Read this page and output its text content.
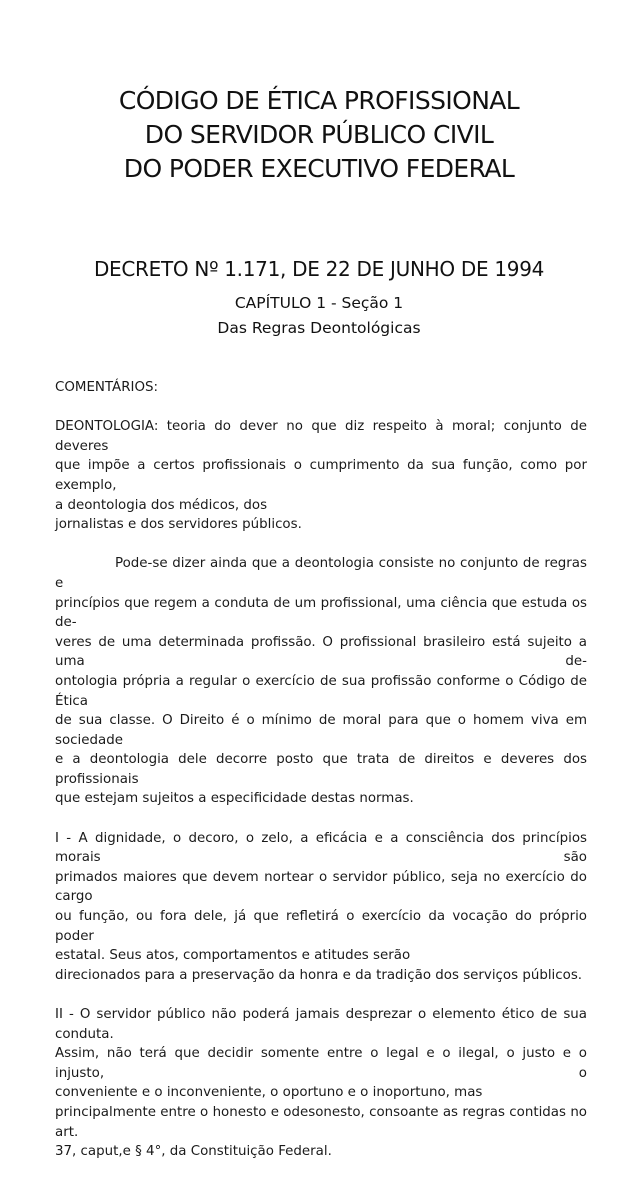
CÓDIGO DE ÉTICA PROFISSIONAL
DO SERVIDOR PÚBLICO CIVIL
DO PODER EXECUTIVO FEDERAL
DECRETO Nº 1.171, DE 22 DE JUNHO DE 1994
CAPÍTULO 1 - Seção 1
Das Regras Deontológicas
COMENTÁRIOS:
DEONTOLOGIA: teoria do dever no que diz respeito à moral; conjunto de deveres
que impõe a certos profissionais o cumprimento da sua função, como por exemplo,
a deontologia dos médicos, dos
jornalistas e dos servidores públicos.
Pode-se dizer ainda que a deontologia consiste no conjunto de regras e
princípios que regem a conduta de um profissional, uma ciência que estuda os de-
veres de uma determinada profissão. O profissional brasileiro está sujeito a uma de-
ontologia própria a regular o exercício de sua profissão conforme o Código de Ética
de sua classe. O Direito é o mínimo de moral para que o homem viva em sociedade
e a deontologia dele decorre posto que trata de direitos e deveres dos profissionais
que estejam sujeitos a especificidade destas normas.
I - A dignidade, o decoro, o zelo, a eficácia e a consciência dos princípios morais são
primados maiores que devem nortear o servidor público, seja no exercício do cargo
ou função, ou fora dele, já que refletirá o exercício da vocação do próprio poder
estatal. Seus atos, comportamentos e atitudes serão
direcionados para a preservação da honra e da tradição dos serviços públicos.
II - O servidor público não poderá jamais desprezar o elemento ético de sua conduta.
Assim, não terá que decidir somente entre o legal e o ilegal, o justo e o injusto, o
conveniente e o inconveniente, o oportuno e o inoportuno, mas
principalmente entre o honesto e odesonesto, consoante as regras contidas no art.
37, caput,e § 4°, da Constituição Federal.
